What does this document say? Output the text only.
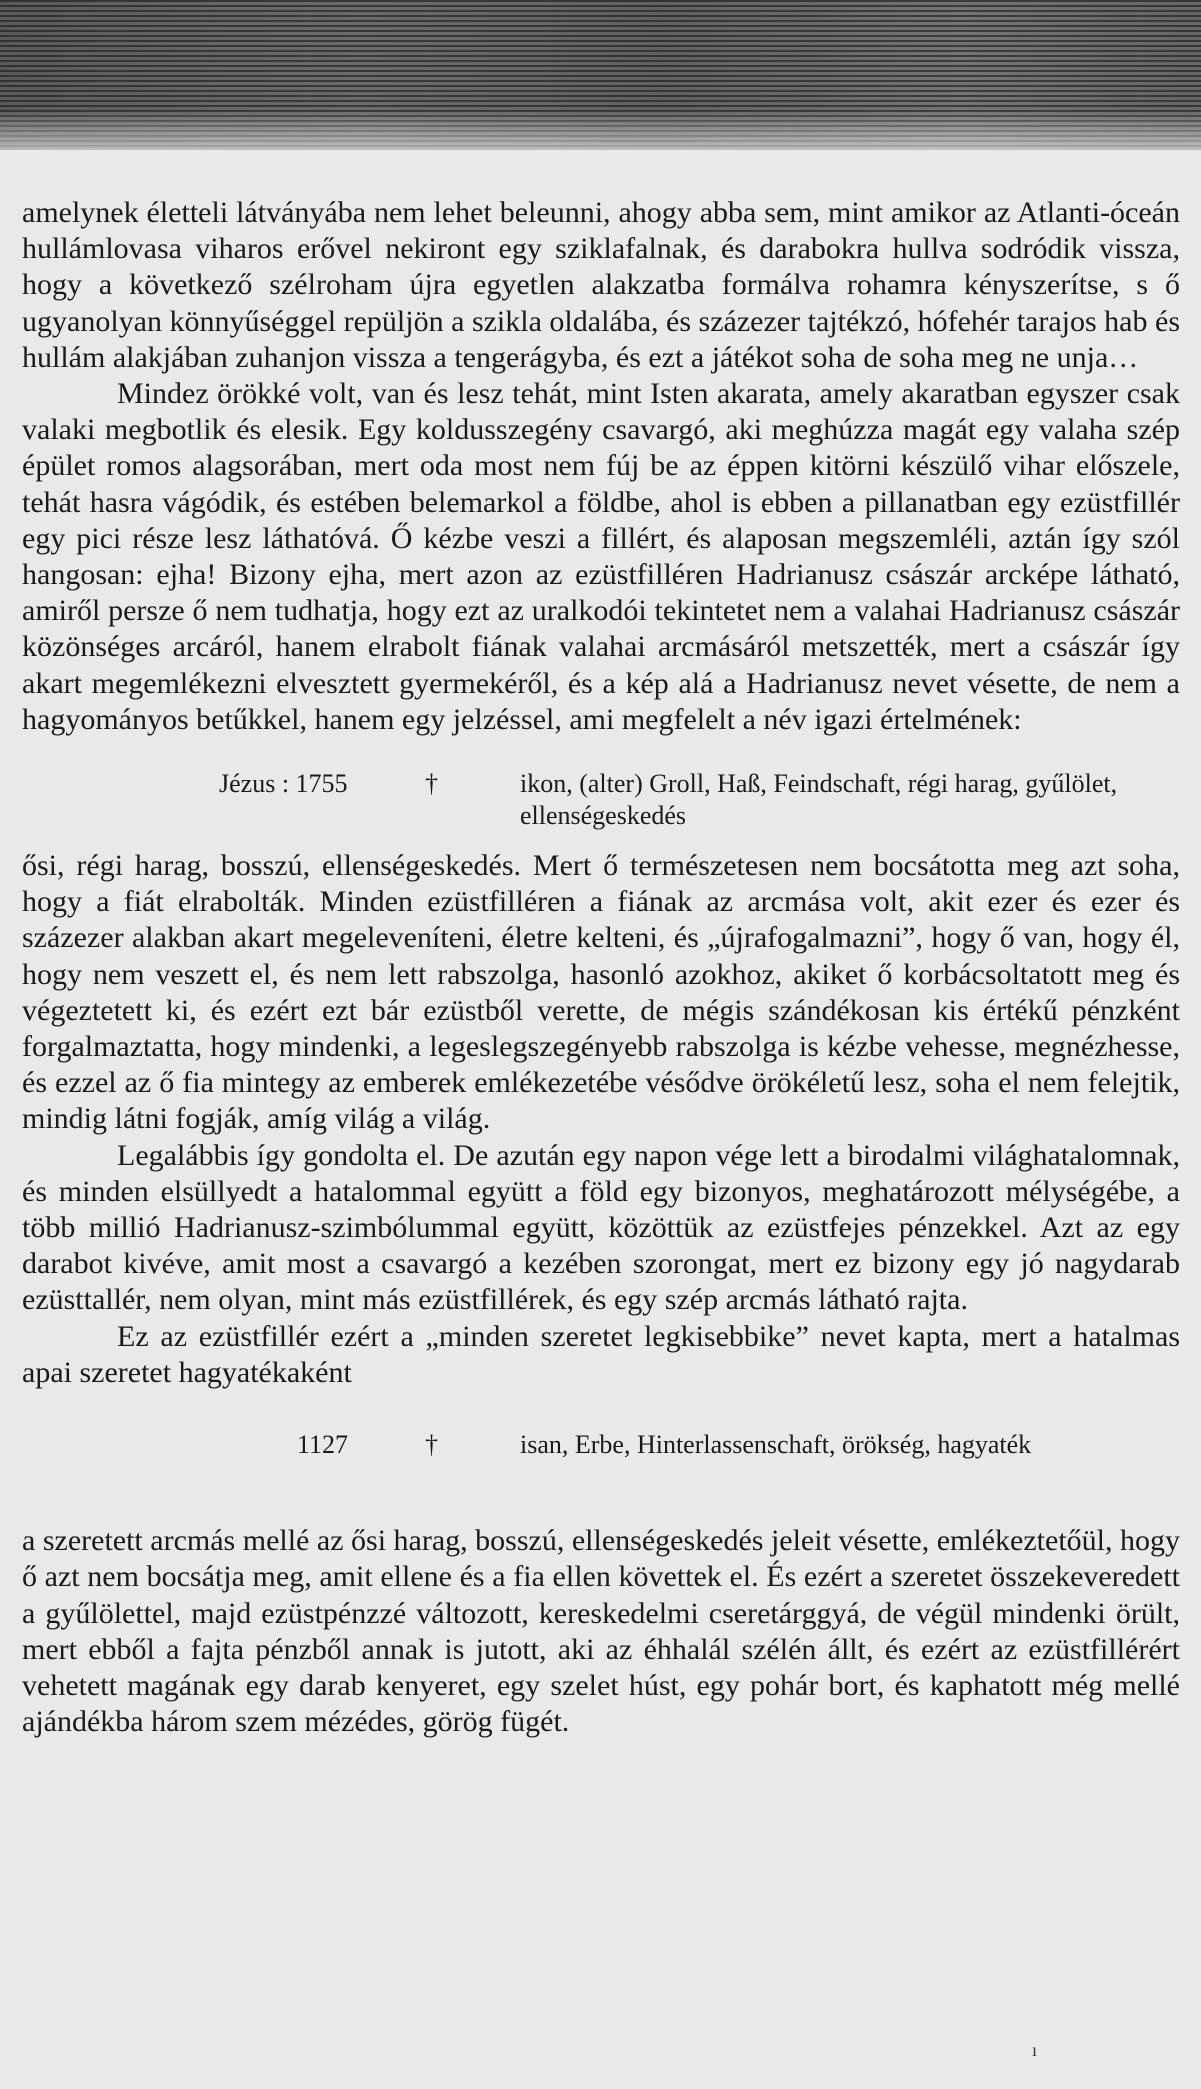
amelynek életteli látványába nem lehet beleunni, ahogy abba sem, mint amikor az Atlanti-óceán hullámlovasa viharos erővel nekiront egy sziklafalnak, és darabokra hullva sodródik vissza, hogy a következő szélroham újra egyetlen alakzatba formálva rohamra kényszerítse, s ő ugyanolyan könnyűséggel repüljön a szikla oldalába, és százezer tajtékzó, hófehér tarajos hab és hullám alakjában zuhanjon vissza a tengerágyba, és ezt a játékot soha de soha meg ne unja…

Mindez örökké volt, van és lesz tehát, mint Isten akarata, amely akaratban egyszer csak valaki megbotlik és elesik. Egy koldusszegény csavargó, aki meghúzza magát egy valaha szép épület romos alagsorában, mert oda most nem fúj be az éppen kitörni készülő vihar előszele, tehát hasra vágódik, és estében belemarkol a földbe, ahol is ebben a pillanatban egy ezüstfillér egy pici része lesz láthatóvá. Ő kézbe veszi a fillért, és alaposan megszemléli, aztán így szól hangosan: ejha! Bizony ejha, mert azon az ezüstfilléren Hadrianusz császár arcképe látható, amiről persze ő nem tudhatja, hogy ezt az uralkodói tekintetet nem a valahai Hadrianusz császár közönséges arcáról, hanem elrabolt fiának valahai arcmásáról metszették, mert a császár így akart megemlékezni elvesztett gyermekéről, és a kép alá a Hadrianusz nevet vésette, de nem a hagyományos betűkkel, hanem egy jelzéssel, ami megfelelt a név igazi értelmének:

Jézus : 1755	†	ikon, (alter) Groll, Haß, Feindschaft, régi harag, gyűlölet, ellenségeskedés

ősi, régi harag, bosszú, ellenségeskedés. Mert ő természetesen nem bocsátotta meg azt soha, hogy a fiát elrabolták. Minden ezüstfilléren a fiának az arcmása volt, akit ezer és ezer és százezer alakban akart megeleveníteni, életre kelteni, és „újrafogalmazni”, hogy ő van, hogy él, hogy nem veszett el, és nem lett rabszolga, hasonló azokhoz, akiket ő korbácsoltatott meg és végeztetett ki, és ezért ezt bár ezüstből verette, de mégis szándékosan kis értékű pénzként forgalmaztatta, hogy mindenki, a legeslegszegényebb rabszolga is kézbe vehesse, megnézhesse, és ezzel az ő fia mintegy az emberek emlékezetébe vésődve örökéletű lesz, soha el nem felejtik, mindig látni fogják, amíg világ a világ.

Legalábbis így gondolta el. De azután egy napon vége lett a birodalmi világhatalomnak, és minden elsüllyedt a hatalommal együtt a föld egy bizonyos, meghatározott mélységébe, a több millió Hadrianusz-szimbólummal együtt, közöttük az ezüstfejes pénzekkel. Azt az egy darabot kivéve, amit most a csavargó a kezében szorongat, mert ez bizony egy jó nagydarab ezüsttallér, nem olyan, mint más ezüstfillérek, és egy szép arcmás látható rajta.

Ez az ezüstfillér ezért a „minden szeretet legkisebbike” nevet kapta, mert a hatalmas apai szeretet hagyatékaként

1127	†	isan, Erbe, Hinterlassenschaft, örökség, hagyaték

a szeretett arcmás mellé az ősi harag, bosszú, ellenségeskedés jeleit vésette, emlékeztetőül, hogy ő azt nem bocsátja meg, amit ellene és a fia ellen követtek el. És ezért a szeretet összekeveredett a gyűlölettel, majd ezüstpénzzé változott, kereskedelmi cseretárggyá, de végül mindenki örült, mert ebből a fajta pénzből annak is jutott, aki az éhhalál szélén állt, és ezért az ezüstfillérért vehetett magának egy darab kenyeret, egy szelet húst, egy pohár bort, és kaphatott még mellé ajándékba három szem mézédes, görög fügét.

ı
